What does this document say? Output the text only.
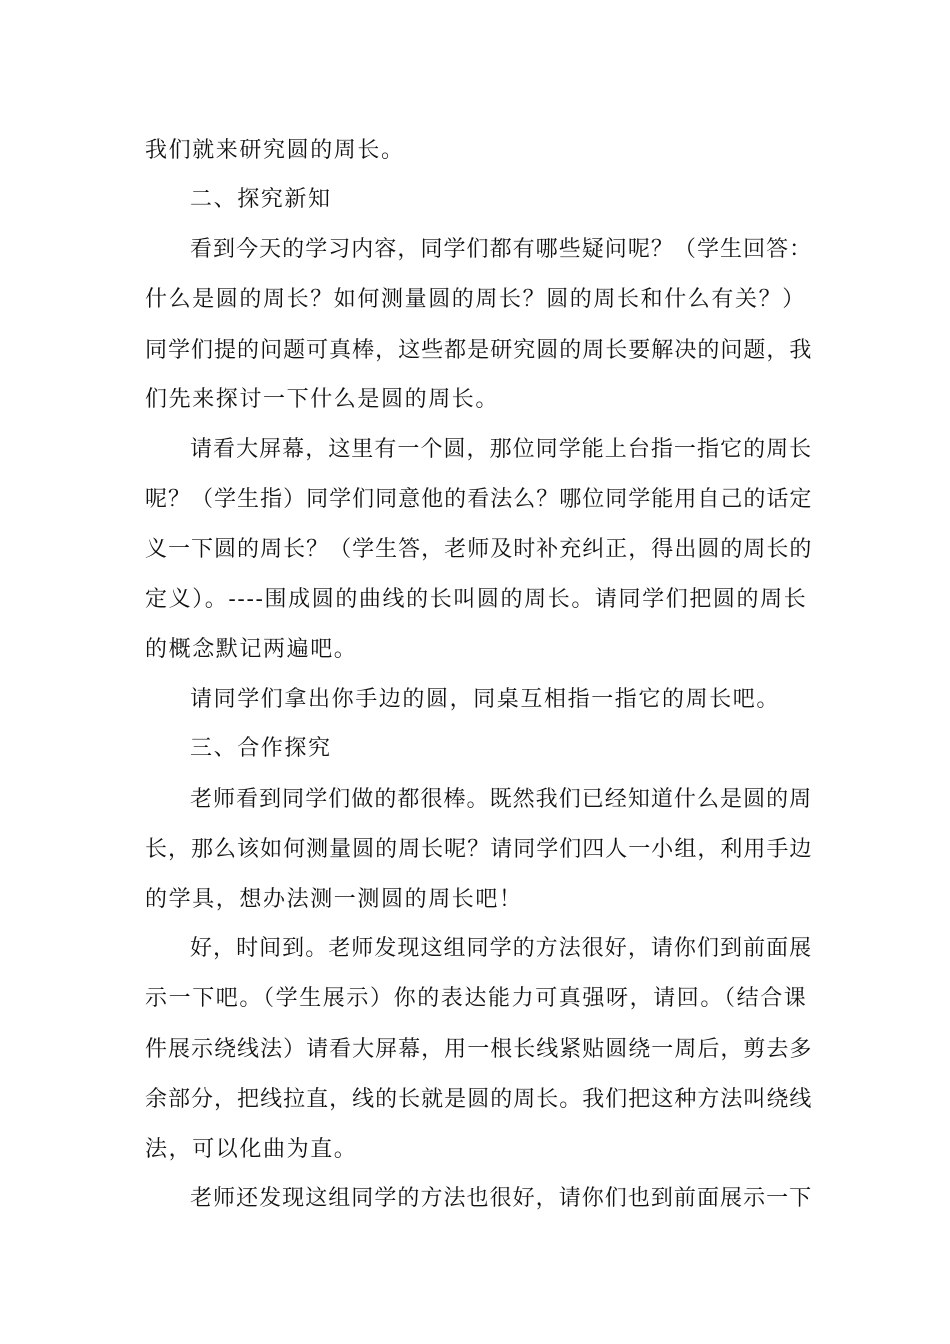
我们就来研究圆的周长。
二、探究新知
看到今天的学习内容，同学们都有哪些疑问呢？（学生回答：
什么是圆的周长？如何测量圆的周长？圆的周长和什么有关？）
同学们提的问题可真棒，这些都是研究圆的周长要解决的问题，我
们先来探讨一下什么是圆的周长。
请看大屏幕，这里有一个圆，那位同学能上台指一指它的周长
呢？（学生指）同学们同意他的看法么？哪位同学能用自己的话定
义一下圆的周长？（学生答，老师及时补充纠正，得出圆的周长的
定义）。----围成圆的曲线的长叫圆的周长。请同学们把圆的周长
的概念默记两遍吧。
请同学们拿出你手边的圆，同桌互相指一指它的周长吧。
三、合作探究
老师看到同学们做的都很棒。既然我们已经知道什么是圆的周
长，那么该如何测量圆的周长呢？请同学们四人一小组，利用手边
的学具，想办法测一测圆的周长吧！
好，时间到。老师发现这组同学的方法很好，请你们到前面展
示一下吧。（学生展示）你的表达能力可真强呀，请回。（结合课
件展示绕线法）请看大屏幕，用一根长线紧贴圆绕一周后，剪去多
余部分，把线拉直，线的长就是圆的周长。我们把这种方法叫绕线
法，可以化曲为直。
老师还发现这组同学的方法也很好，请你们也到前面展示一下
